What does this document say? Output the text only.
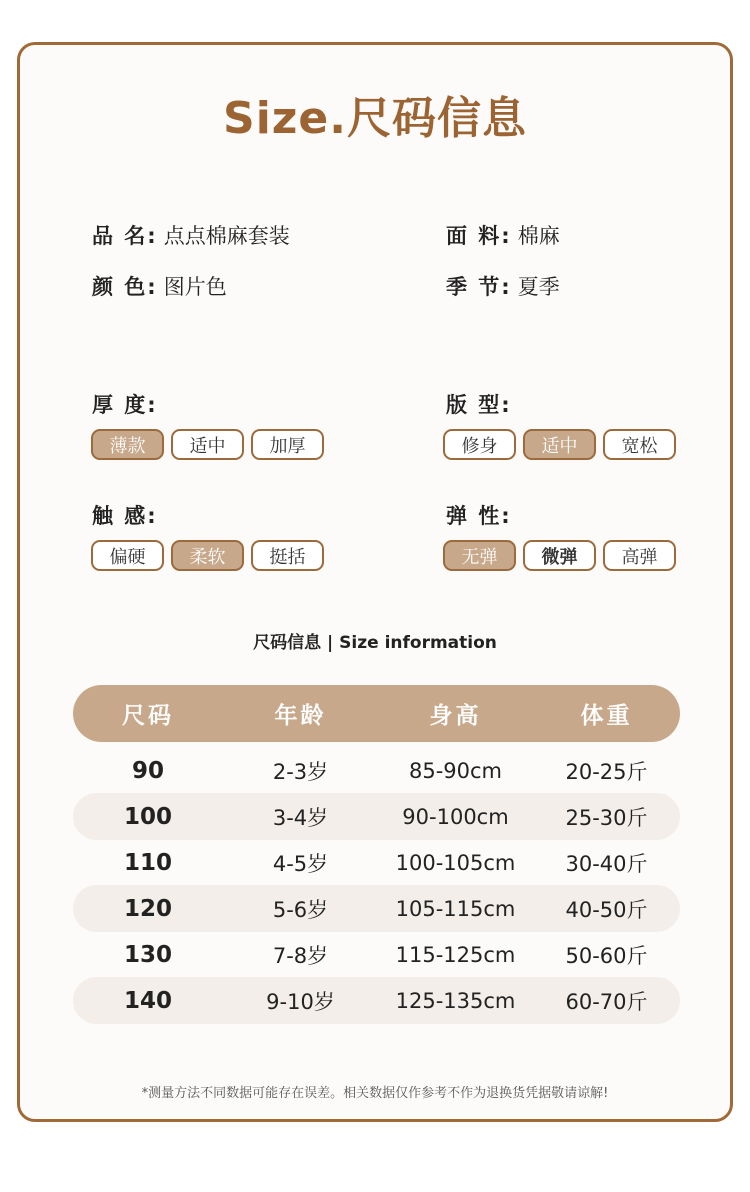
Size.尺码信息
品 名: 点点棉麻套装	面 料: 棉麻
颜 色: 图片色	季 节: 夏季
厚 度:
薄款	适中	加厚
版 型:
修身	适中	宽松
触 感:
偏硬	柔软	挺括
弹 性:
无弹	微弹	高弹
尺码信息 | Size information
尺码	年龄	身高	体重
90	2-3岁	85-90cm	20-25斤
100	3-4岁	90-100cm	25-30斤
110	4-5岁	100-105cm	30-40斤
120	5-6岁	105-115cm	40-50斤
130	7-8岁	115-125cm	50-60斤
140	9-10岁	125-135cm	60-70斤
*测量方法不同数据可能存在误差。相关数据仅作参考不作为退换货凭据敬请谅解!
